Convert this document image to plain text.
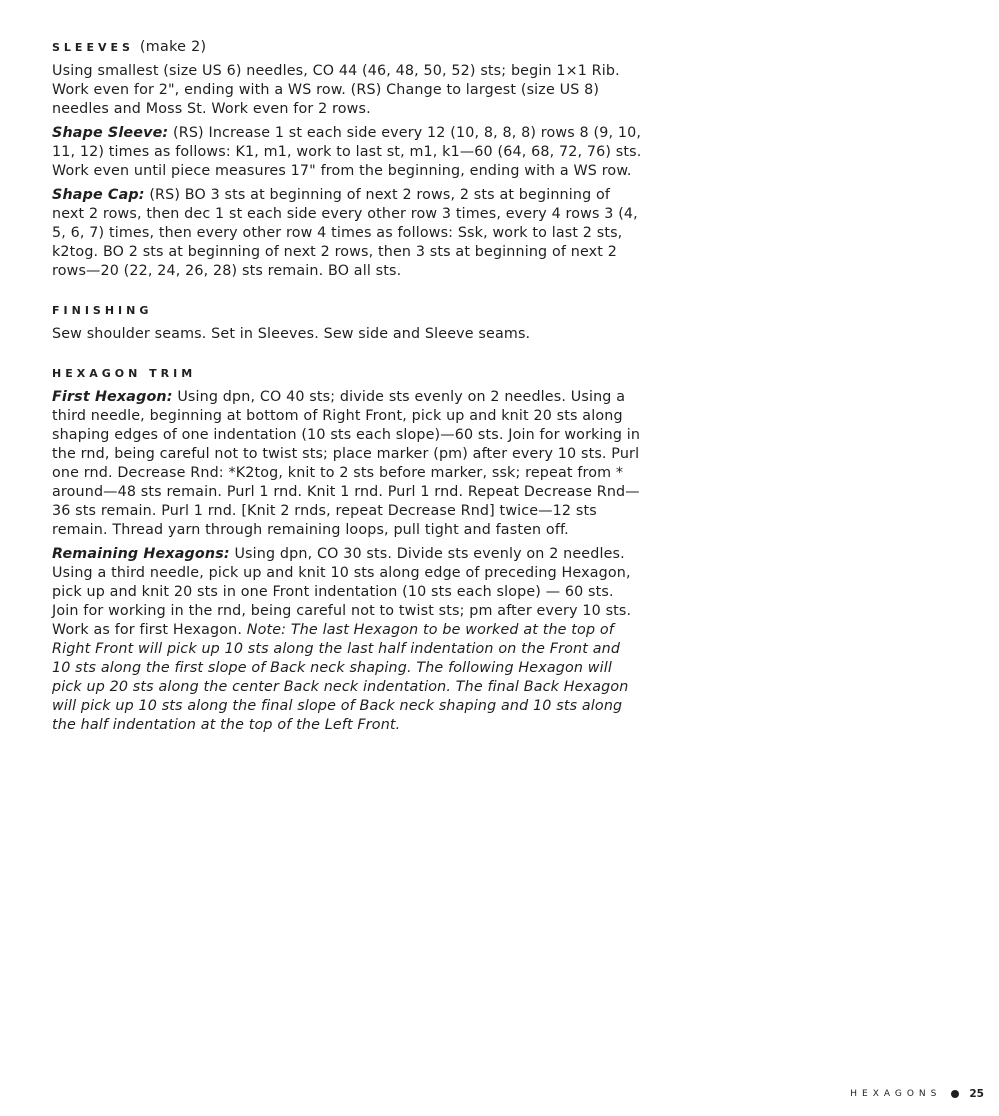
SLEEVES (make 2)

Using smallest (size US 6) needles, CO 44 (46, 48, 50, 52) sts; begin 1×1 Rib. Work even for 2", ending with a WS row. (RS) Change to largest (size US 8) needles and Moss St. Work even for 2 rows.

Shape Sleeve: (RS) Increase 1 st each side every 12 (10, 8, 8, 8) rows 8 (9, 10, 11, 12) times as follows: K1, m1, work to last st, m1, k1—60 (64, 68, 72, 76) sts. Work even until piece measures 17" from the beginning, ending with a WS row.

Shape Cap: (RS) BO 3 sts at beginning of next 2 rows, 2 sts at beginning of next 2 rows, then dec 1 st each side every other row 3 times, every 4 rows 3 (4, 5, 6, 7) times, then every other row 4 times as follows: Ssk, work to last 2 sts, k2tog. BO 2 sts at beginning of next 2 rows, then 3 sts at beginning of next 2 rows—20 (22, 24, 26, 28) sts remain. BO all sts.

FINISHING

Sew shoulder seams. Set in Sleeves. Sew side and Sleeve seams.

HEXAGON TRIM

First Hexagon: Using dpn, CO 40 sts; divide sts evenly on 2 needles. Using a third needle, beginning at bottom of Right Front, pick up and knit 20 sts along shaping edges of one indentation (10 sts each slope)—60 sts. Join for working in the rnd, being careful not to twist sts; place marker (pm) after every 10 sts. Purl one rnd. Decrease Rnd: *K2tog, knit to 2 sts before marker, ssk; repeat from * around—48 sts remain. Purl 1 rnd. Knit 1 rnd. Purl 1 rnd. Repeat Decrease Rnd—36 sts remain. Purl 1 rnd. [Knit 2 rnds, repeat Decrease Rnd] twice—12 sts remain. Thread yarn through remaining loops, pull tight and fasten off.

Remaining Hexagons: Using dpn, CO 30 sts. Divide sts evenly on 2 needles. Using a third needle, pick up and knit 10 sts along edge of preceding Hexagon, pick up and knit 20 sts in one Front indentation (10 sts each slope) — 60 sts. Join for working in the rnd, being careful not to twist sts; pm after every 10 sts. Work as for first Hexagon. Note: The last Hexagon to be worked at the top of Right Front will pick up 10 sts along the last half indentation on the Front and 10 sts along the first slope of Back neck shaping. The following Hexagon will pick up 20 sts along the center Back neck indentation. The final Back Hexagon will pick up 10 sts along the final slope of Back neck shaping and 10 sts along the half indentation at the top of the Left Front.

HEXAGONS	25
